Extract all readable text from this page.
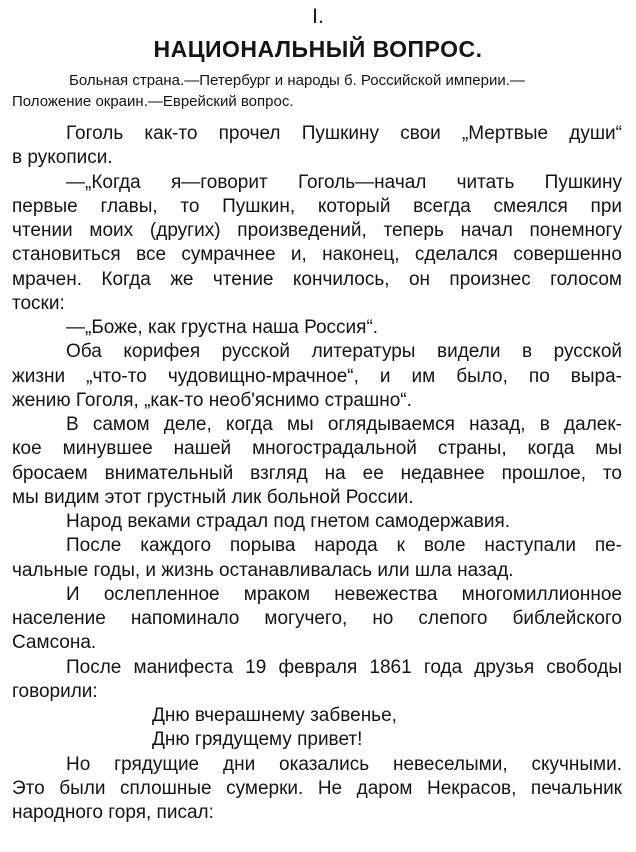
I.
НАЦИОНАЛЬНЫЙ ВОПРОС.

Больная страна.—Петербург и народы б. Российской империи.—
Положение окраин.—Еврейский вопрос.

Гоголь как-то прочел Пушкину свои „Мертвые души“
в рукописи.
—„Когда я—говорит Гоголь—начал читать Пушкину
первые главы, то Пушкин, который всегда смеялся при
чтении моих (других) произведений, теперь начал понемногу
становиться все сумрачнее и, наконец, сделался совершенно
мрачен. Когда же чтение кончилось, он произнес голосом
тоски:
—„Боже, как грустна наша Россия“.
Оба корифея русской литературы видели в русской
жизни „что-то чудовищно-мрачное“, и им было, по выра-
жению Гоголя, „как-то необ'яснимо страшно“.
В самом деле, когда мы оглядываемся назад, в далек-
кое минувшее нашей многострадальной страны, когда мы
бросаем внимательный взгляд на ее недавнее прошлое, то
мы видим этот грустный лик больной России.
Народ веками страдал под гнетом самодержавия.
После каждого порыва народа к воле наступали пе-
чальные годы, и жизнь останавливалась или шла назад.
И ослепленное мраком невежества многомиллионное
население напоминало могучего, но слепого библейского
Самсона.
После манифеста 19 февраля 1861 года друзья свободы
говорили:
Дню вчерашнему забвенье,
Дню грядущему привет!
Но грядущие дни оказались невеселыми, скучными.
Это были сплошные сумерки. Не даром Некрасов, печальник
народного горя, писал:
